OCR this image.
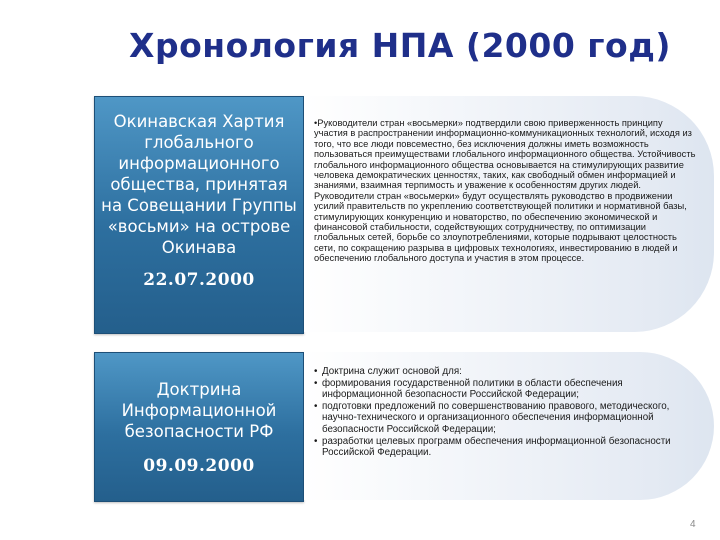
Хронология НПА (2000 год)
Окинавская Хартия глобального информационного общества, принятая на Совещании Группы «восьми» на острове Окинава
22.07.2000

•Руководители стран «восьмерки» подтвердили свою приверженность принципу участия в распространении информационно-коммуникационных технологий, исходя из того, что все люди повсеместно, без исключения должны иметь возможность пользоваться преимуществами глобального информационного общества. Устойчивость глобального информационного общества основывается на стимулирующих развитие человека демократических ценностях, таких, как свободный обмен информацией и знаниями, взаимная терпимость и уважение к особенностям других людей. Руководители стран «восьмерки» будут осуществлять руководство в продвижении усилий правительств по укреплению соответствующей политики и нормативной базы, стимулирующих конкуренцию и новаторство, по обеспечению экономической и финансовой стабильности, содействующих сотрудничеству, по оптимизации глобальных сетей, борьбе со злоупотреблениями, которые подрывают целостность сети, по сокращению разрыва в цифровых технологиях, инвестированию в людей и обеспечению глобального доступа и участия в этом процессе.

Доктрина Информационной безопасности РФ
09.09.2000
• Доктрина служит основой для:
• формирования государственной политики в области обеспечения информационной безопасности Российской Федерации;
• подготовки предложений по совершенствованию правового, методического, научно-технического и организационного обеспечения информационной безопасности Российской Федерации;
• разработки целевых программ обеспечения информационной безопасности Российской Федерации.
4
